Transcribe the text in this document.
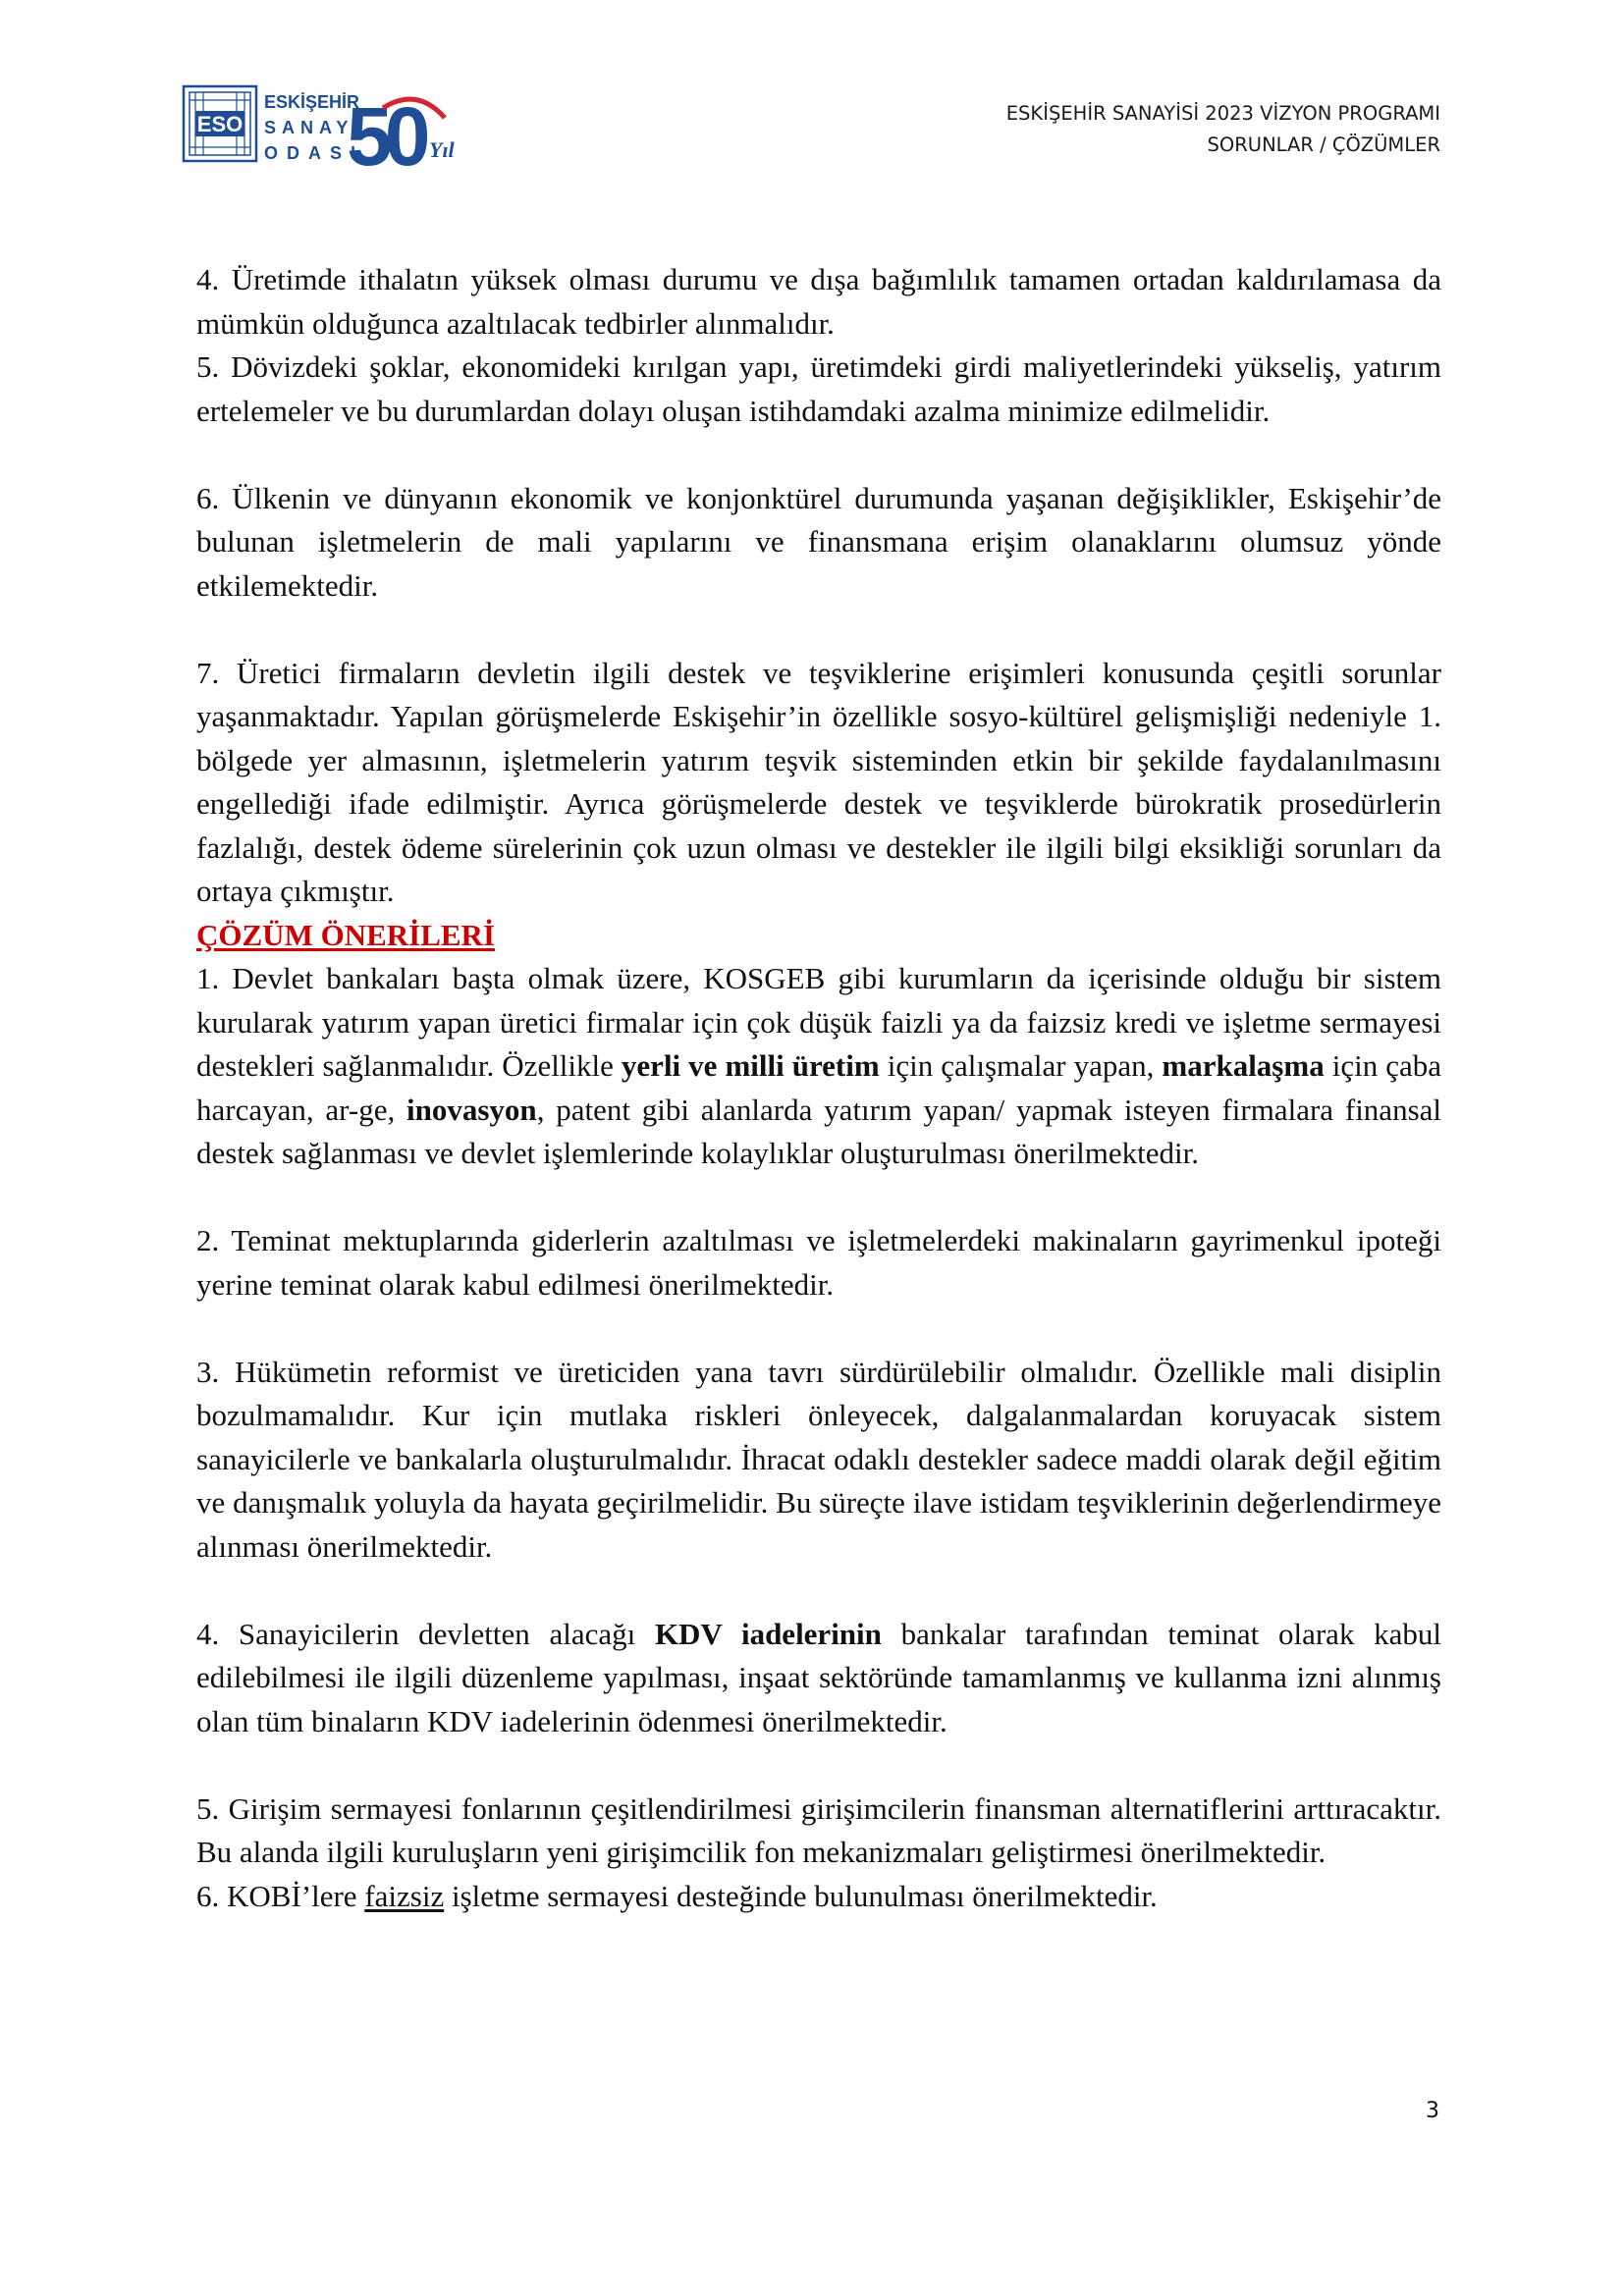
ESO
ESKİŞEHİR
SANAYİ
ODASI
50 Yıl
ESKİŞEHİR SANAYİSİ 2023 VİZYON PROGRAMI
SORUNLAR / ÇÖZÜMLER

4. Üretimde ithalatın yüksek olması durumu ve dışa bağımlılık tamamen ortadan kaldırılamasa da mümkün olduğunca azaltılacak tedbirler alınmalıdır.

5. Dövizdeki şoklar, ekonomideki kırılgan yapı, üretimdeki girdi maliyetlerindeki yükseliş, yatırım ertelemeler ve bu durumlardan dolayı oluşan istihdamdaki azalma minimize edilmelidir.

6. Ülkenin ve dünyanın ekonomik ve konjonktürel durumunda yaşanan değişiklikler, Eskişehir’de bulunan işletmelerin de mali yapılarını ve finansmana erişim olanaklarını olumsuz yönde etkilemektedir.

7. Üretici firmaların devletin ilgili destek ve teşviklerine erişimleri konusunda çeşitli sorunlar yaşanmaktadır. Yapılan görüşmelerde Eskişehir’in özellikle sosyo-kültürel gelişmişliği nedeniyle 1. bölgede yer almasının, işletmelerin yatırım teşvik sisteminden etkin bir şekilde faydalanılmasını engellediği ifade edilmiştir. Ayrıca görüşmelerde destek ve teşviklerde bürokratik prosedürlerin fazlalığı, destek ödeme sürelerinin çok uzun olması ve destekler ile ilgili bilgi eksikliği sorunları da ortaya çıkmıştır.

ÇÖZÜM ÖNERİLERİ

1. Devlet bankaları başta olmak üzere, KOSGEB gibi kurumların da içerisinde olduğu bir sistem kurularak yatırım yapan üretici firmalar için çok düşük faizli ya da faizsiz kredi ve işletme sermayesi destekleri sağlanmalıdır. Özellikle yerli ve milli üretim için çalışmalar yapan, markalaşma için çaba harcayan, ar-ge, inovasyon, patent gibi alanlarda yatırım yapan/ yapmak isteyen firmalara finansal destek sağlanması ve devlet işlemlerinde kolaylıklar oluşturulması önerilmektedir.

2. Teminat mektuplarında giderlerin azaltılması ve işletmelerdeki makinaların gayrimenkul ipoteği yerine teminat olarak kabul edilmesi önerilmektedir.

3. Hükümetin reformist ve üreticiden yana tavrı sürdürülebilir olmalıdır. Özellikle mali disiplin bozulmamalıdır. Kur için mutlaka riskleri önleyecek, dalgalanmalardan koruyacak sistem sanayicilerle ve bankalarla oluşturulmalıdır. İhracat odaklı destekler sadece maddi olarak değil eğitim ve danışmalık yoluyla da hayata geçirilmelidir. Bu süreçte ilave istidam teşviklerinin değerlendirmeye alınması önerilmektedir.

4. Sanayicilerin devletten alacağı KDV iadelerinin bankalar tarafından teminat olarak kabul edilebilmesi ile ilgili düzenleme yapılması, inşaat sektöründe tamamlanmış ve kullanma izni alınmış olan tüm binaların KDV iadelerinin ödenmesi önerilmektedir.

5. Girişim sermayesi fonlarının çeşitlendirilmesi girişimcilerin finansman alternatiflerini arttıracaktır. Bu alanda ilgili kuruluşların yeni girişimcilik fon mekanizmaları geliştirmesi önerilmektedir.

6. KOBİ’lere faizsiz işletme sermayesi desteğinde bulunulması önerilmektedir.

3
